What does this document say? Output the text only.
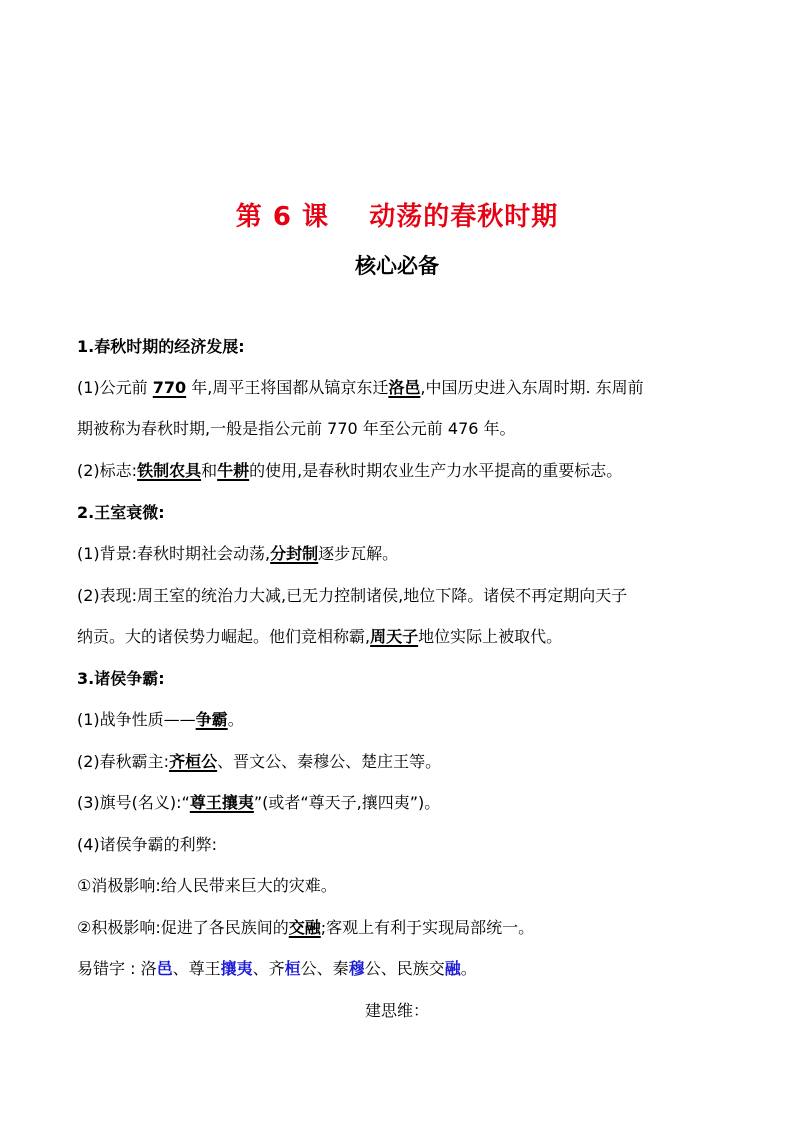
第 6 课    动荡的春秋时期
核心必备
1.春秋时期的经济发展:
(1)公元前 770 年,周平王将国都从镐京东迁洛邑,中国历史进入东周时期. 东周前
期被称为春秋时期,一般是指公元前 770 年至公元前 476 年。
(2)标志:铁制农具和牛耕的使用,是春秋时期农业生产力水平提高的重要标志。
2.王室衰微:
(1)背景:春秋时期社会动荡,分封制逐步瓦解。
(2)表现:周王室的统治力大减,已无力控制诸侯,地位下降。诸侯不再定期向天子
纳贡。大的诸侯势力崛起。他们竞相称霸,周天子地位实际上被取代。
3.诸侯争霸:
(1)战争性质——争霸。
(2)春秋霸主:齐桓公、晋文公、秦穆公、楚庄王等。
(3)旗号(名义):“尊王攘夷”(或者“尊天子,攘四夷”)。
(4)诸侯争霸的利弊:
①消极影响:给人民带来巨大的灾难。
②积极影响:促进了各民族间的交融;客观上有利于实现局部统一。
易错字 : 洛邑、尊王攘夷、齐桓公、秦穆公、民族交融。
建思维：
